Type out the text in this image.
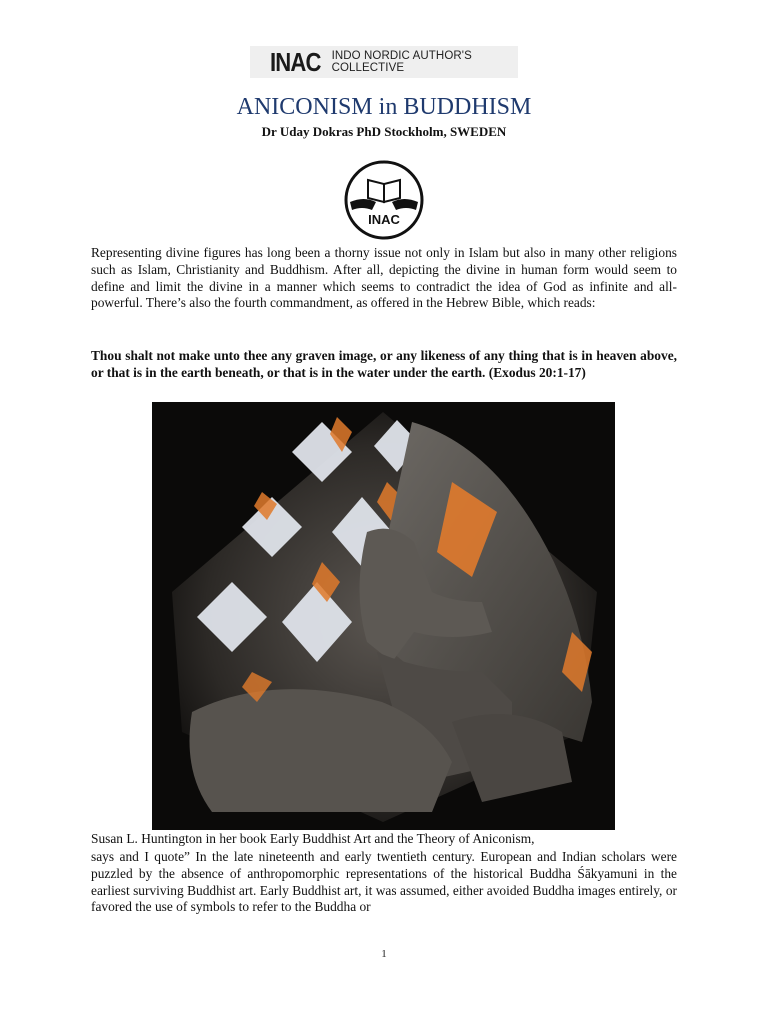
INAC INDO NORDIC AUTHOR'S COLLECTIVE
ANICONISM in BUDDHISM
Dr Uday Dokras PhD Stockholm, SWEDEN
INAC

Representing divine figures has long been a thorny issue not only in Islam but also in many other religions such as Islam, Christianity and Buddhism. After all, depicting the divine in human form would seem to define and limit the divine in a manner which seems to contradict the idea of God as infinite and all-powerful. There’s also the fourth commandment, as offered in the Hebrew Bible, which reads:

Thou shalt not make unto thee any graven image, or any likeness of any thing that is in heaven above, or that is in the earth beneath, or that is in the water under the earth. (Exodus 20:1-17)

Susan L. Huntington in her book Early Buddhist Art and the Theory of Aniconism,

says and I quote” In the late nineteenth and early twentieth century. European and Indian scholars were puzzled by the absence of anthropomorphic representations of the historical Buddha Śākyamuni in the earliest surviving Buddhist art. Early Buddhist art, it was assumed, either avoided Buddha images entirely, or favored the use of symbols to refer to the Buddha or

1
